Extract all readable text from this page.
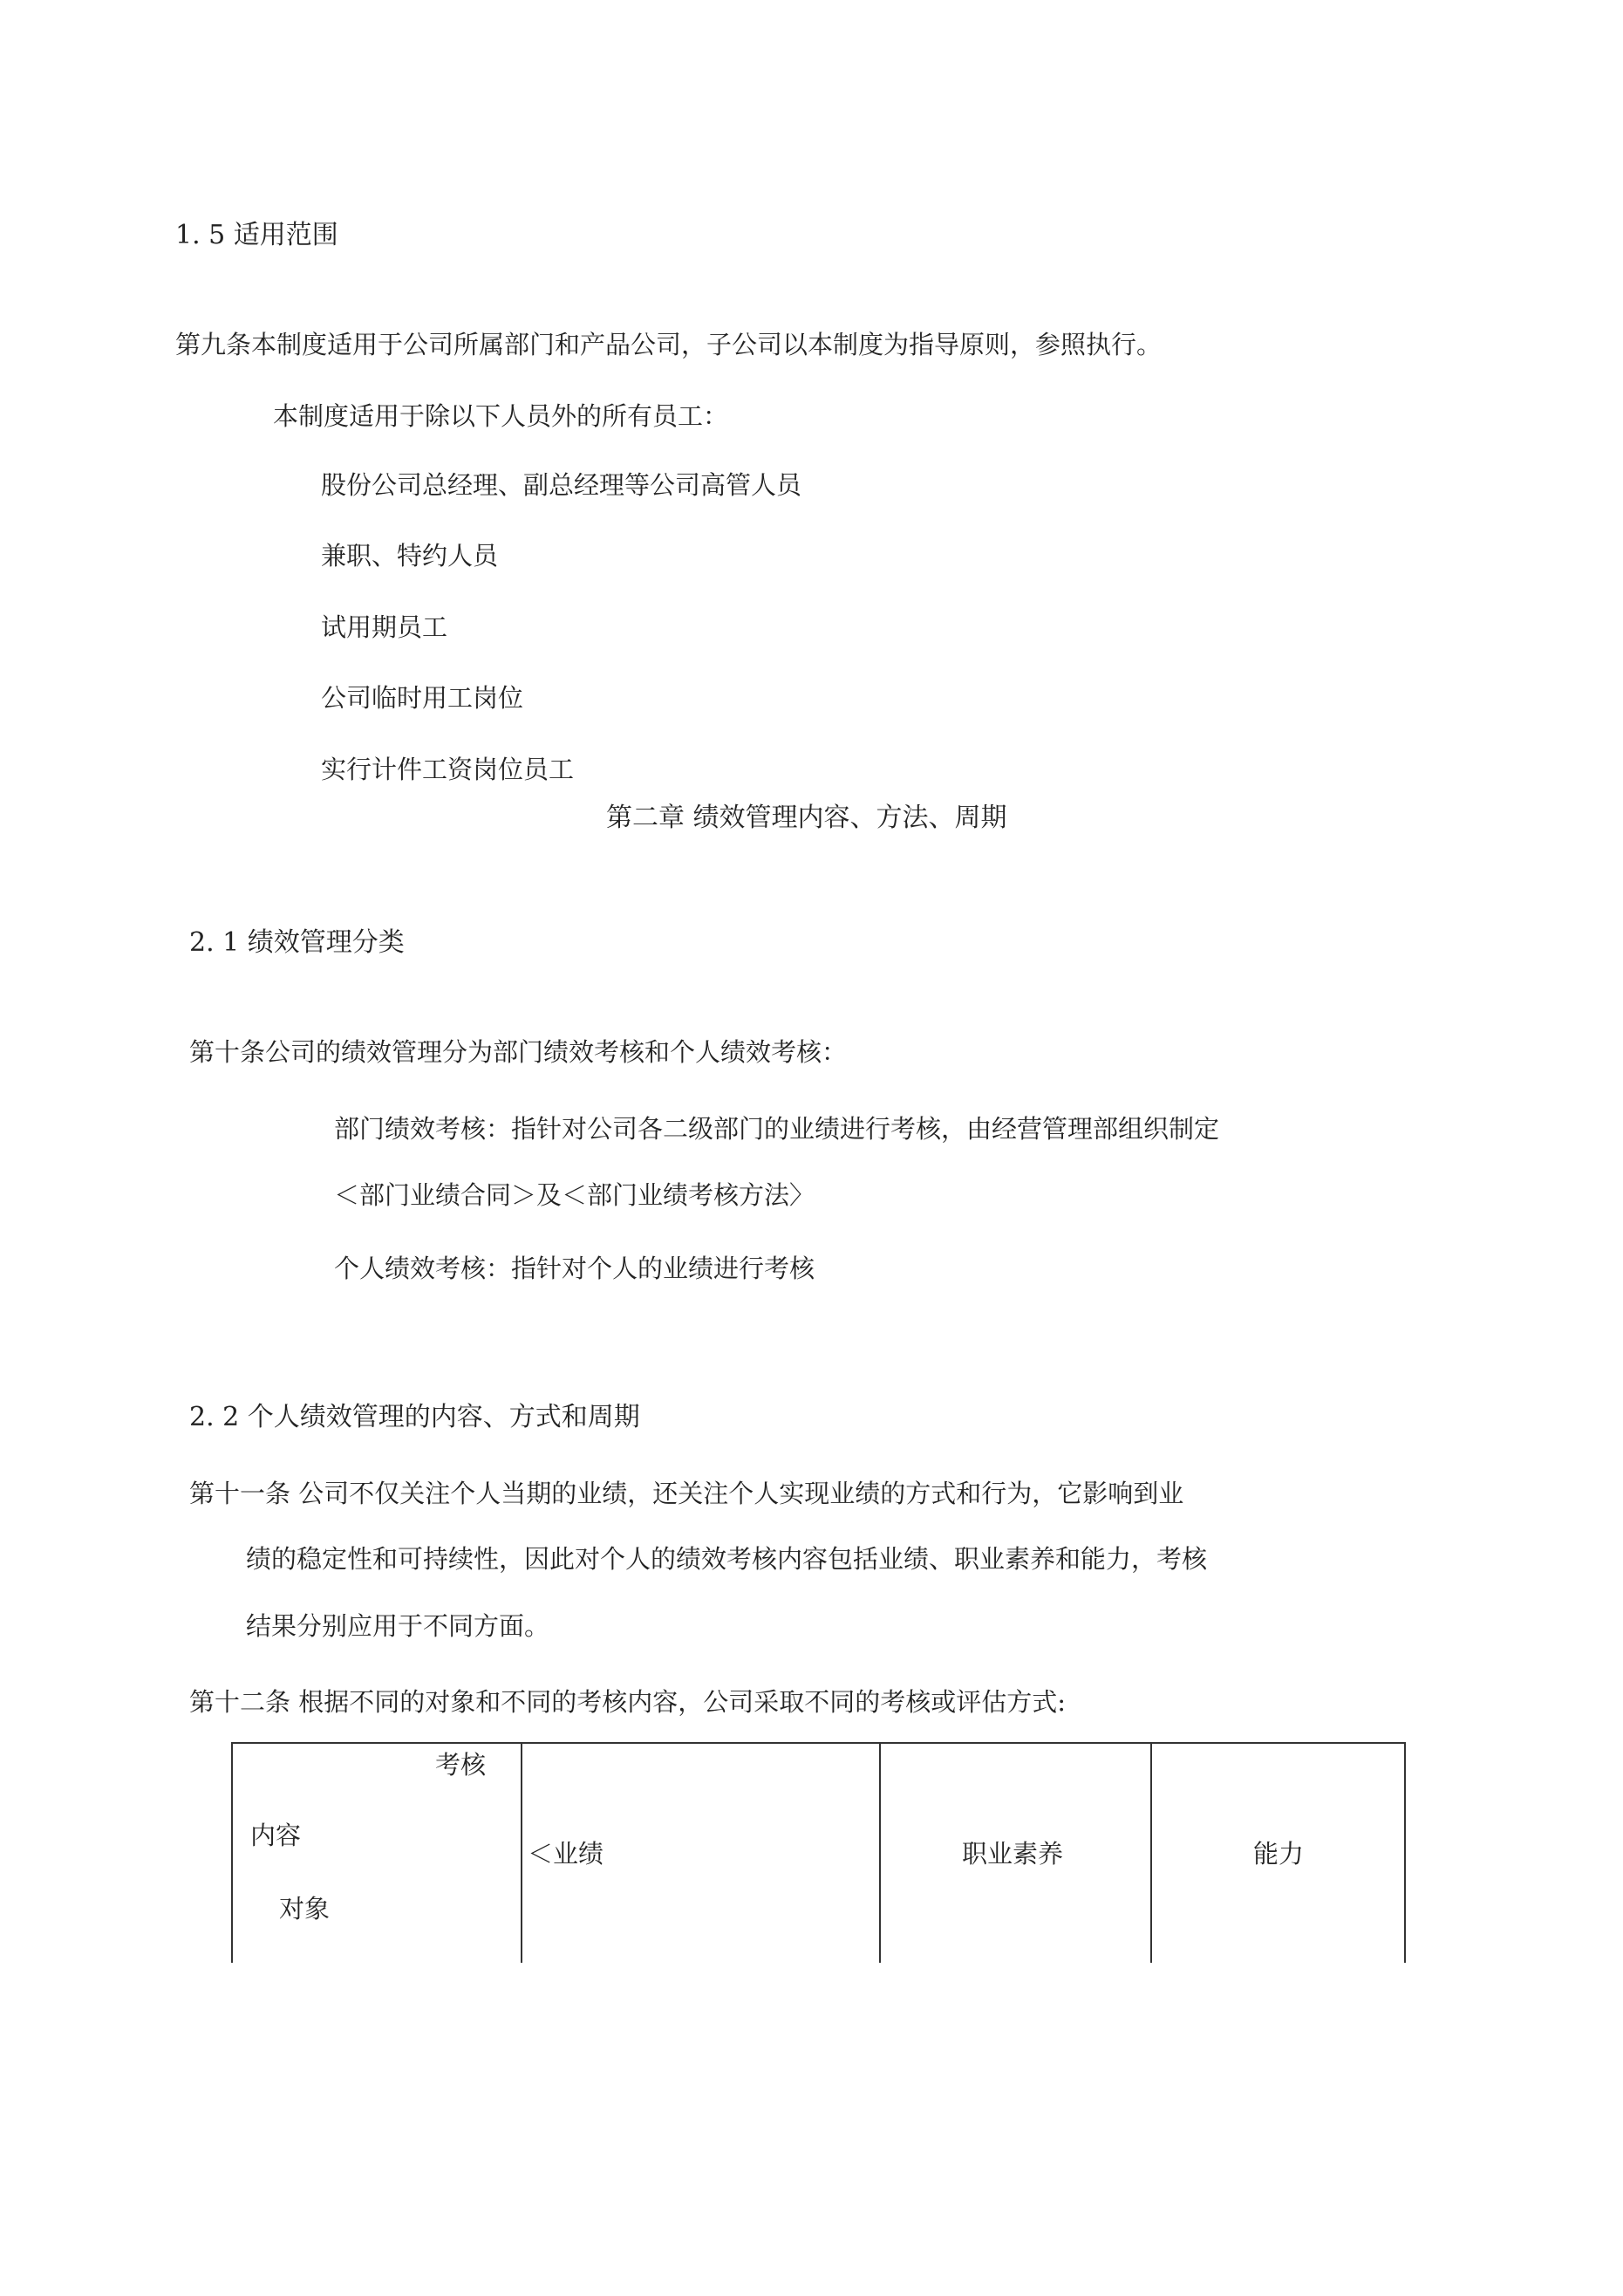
1. 5 适用范围

第九条本制度适用于公司所属部门和产品公司，子公司以本制度为指导原则，参照执行。

本制度适用于除以下人员外的所有员工：

股份公司总经理、副总经理等公司高管人员

兼职、特约人员

试用期员工

公司临时用工岗位

实行计件工资岗位员工

第二章 绩效管理内容、方法、周期

2. 1 绩效管理分类

第十条公司的绩效管理分为部门绩效考核和个人绩效考核：

部门绩效考核：指针对公司各二级部门的业绩进行考核，由经营管理部组织制定

＜部门业绩合同＞及＜部门业绩考核方法〉

个人绩效考核：指针对个人的业绩进行考核

2. 2 个人绩效管理的内容、方式和周期

第十一条 公司不仅关注个人当期的业绩，还关注个人实现业绩的方式和行为，它影响到业

绩的稳定性和可持续性，因此对个人的绩效考核内容包括业绩、职业素养和能力，考核

结果分别应用于不同方面。

第十二条 根据不同的对象和不同的考核内容，公司采取不同的考核或评估方式:

考核
内容
对象
＜业绩	职业素养	能力
